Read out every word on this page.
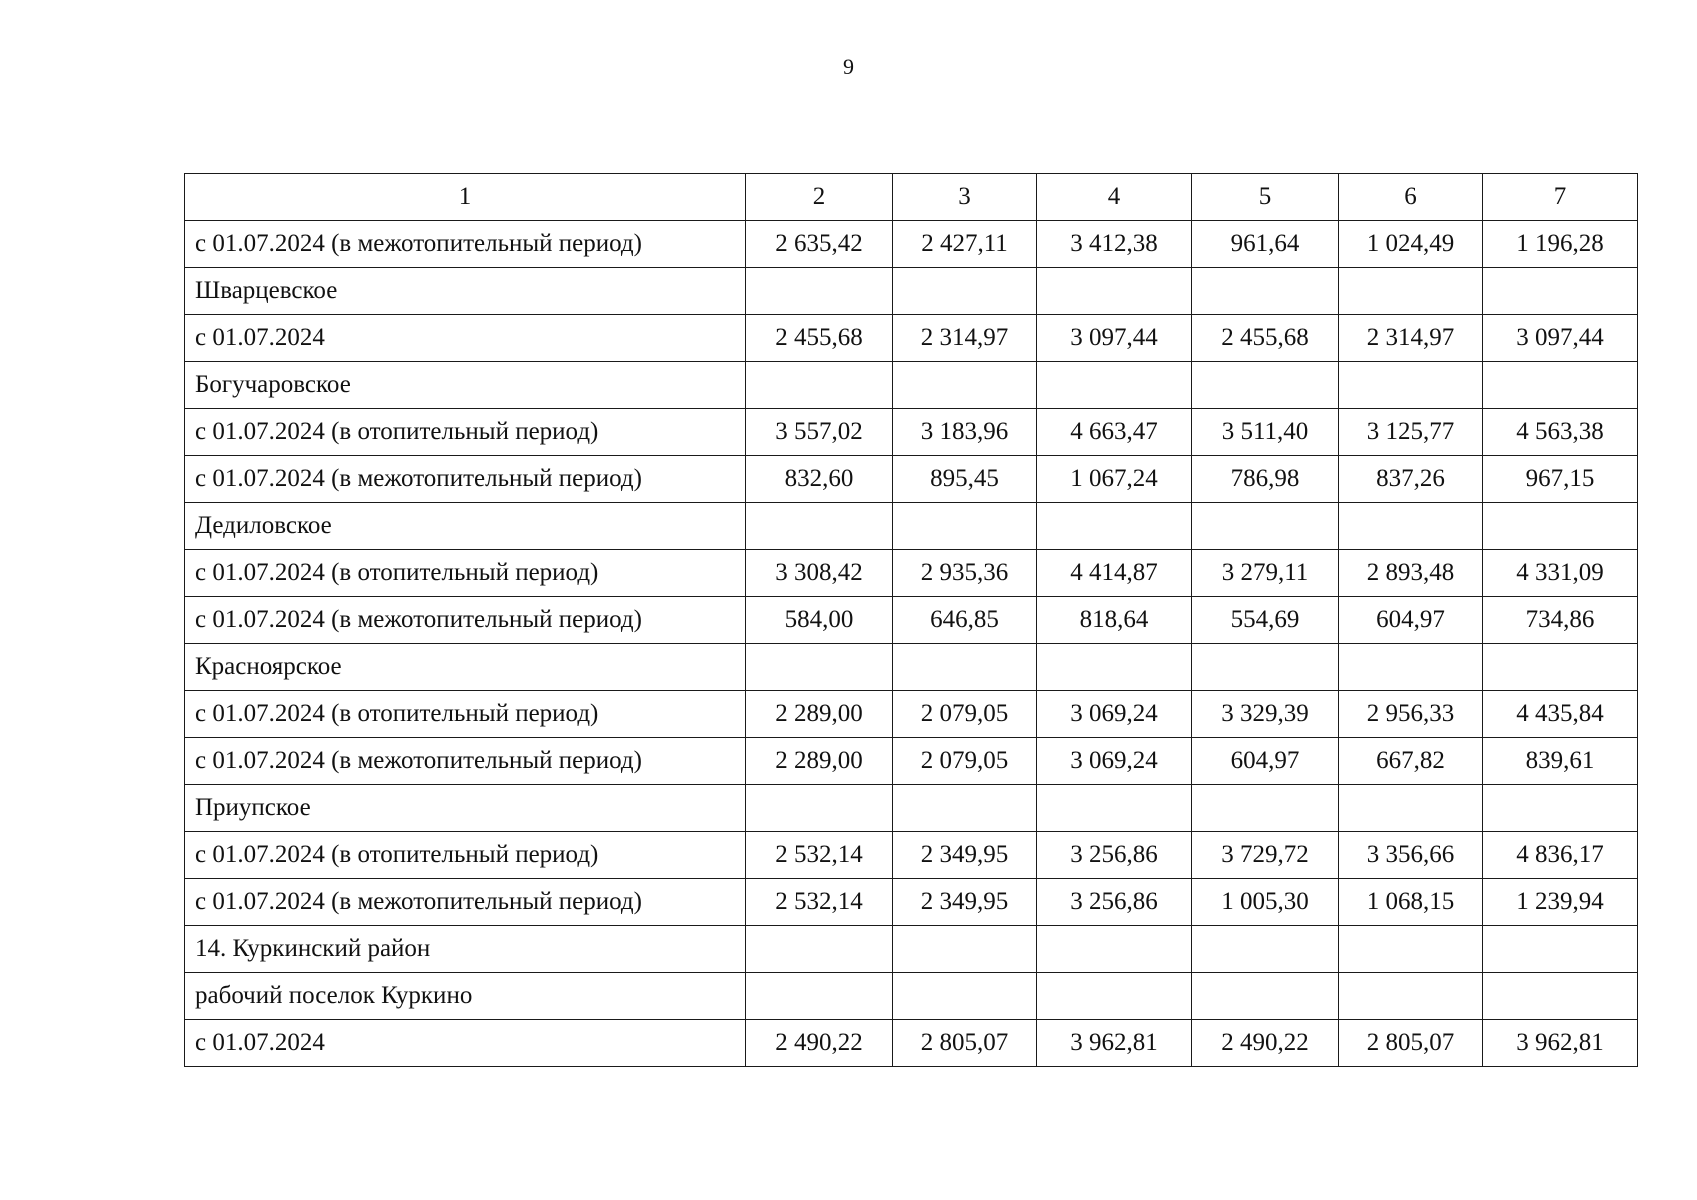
9
1	2	3	4	5	6	7
с 01.07.2024 (в межотопительный период)	2 635,42	2 427,11	3 412,38	961,64	1 024,49	1 196,28
Шварцевское						
с 01.07.2024	2 455,68	2 314,97	3 097,44	2 455,68	2 314,97	3 097,44
Богучаровское						
с 01.07.2024 (в отопительный период)	3 557,02	3 183,96	4 663,47	3 511,40	3 125,77	4 563,38
с 01.07.2024 (в межотопительный период)	832,60	895,45	1 067,24	786,98	837,26	967,15
Дедиловское						
с 01.07.2024 (в отопительный период)	3 308,42	2 935,36	4 414,87	3 279,11	2 893,48	4 331,09
с 01.07.2024 (в межотопительный период)	584,00	646,85	818,64	554,69	604,97	734,86
Красноярское						
с 01.07.2024 (в отопительный период)	2 289,00	2 079,05	3 069,24	3 329,39	2 956,33	4 435,84
с 01.07.2024 (в межотопительный период)	2 289,00	2 079,05	3 069,24	604,97	667,82	839,61
Приупское						
с 01.07.2024 (в отопительный период)	2 532,14	2 349,95	3 256,86	3 729,72	3 356,66	4 836,17
с 01.07.2024 (в межотопительный период)	2 532,14	2 349,95	3 256,86	1 005,30	1 068,15	1 239,94
14. Куркинский район						
рабочий поселок Куркино						
с 01.07.2024	2 490,22	2 805,07	3 962,81	2 490,22	2 805,07	3 962,81
